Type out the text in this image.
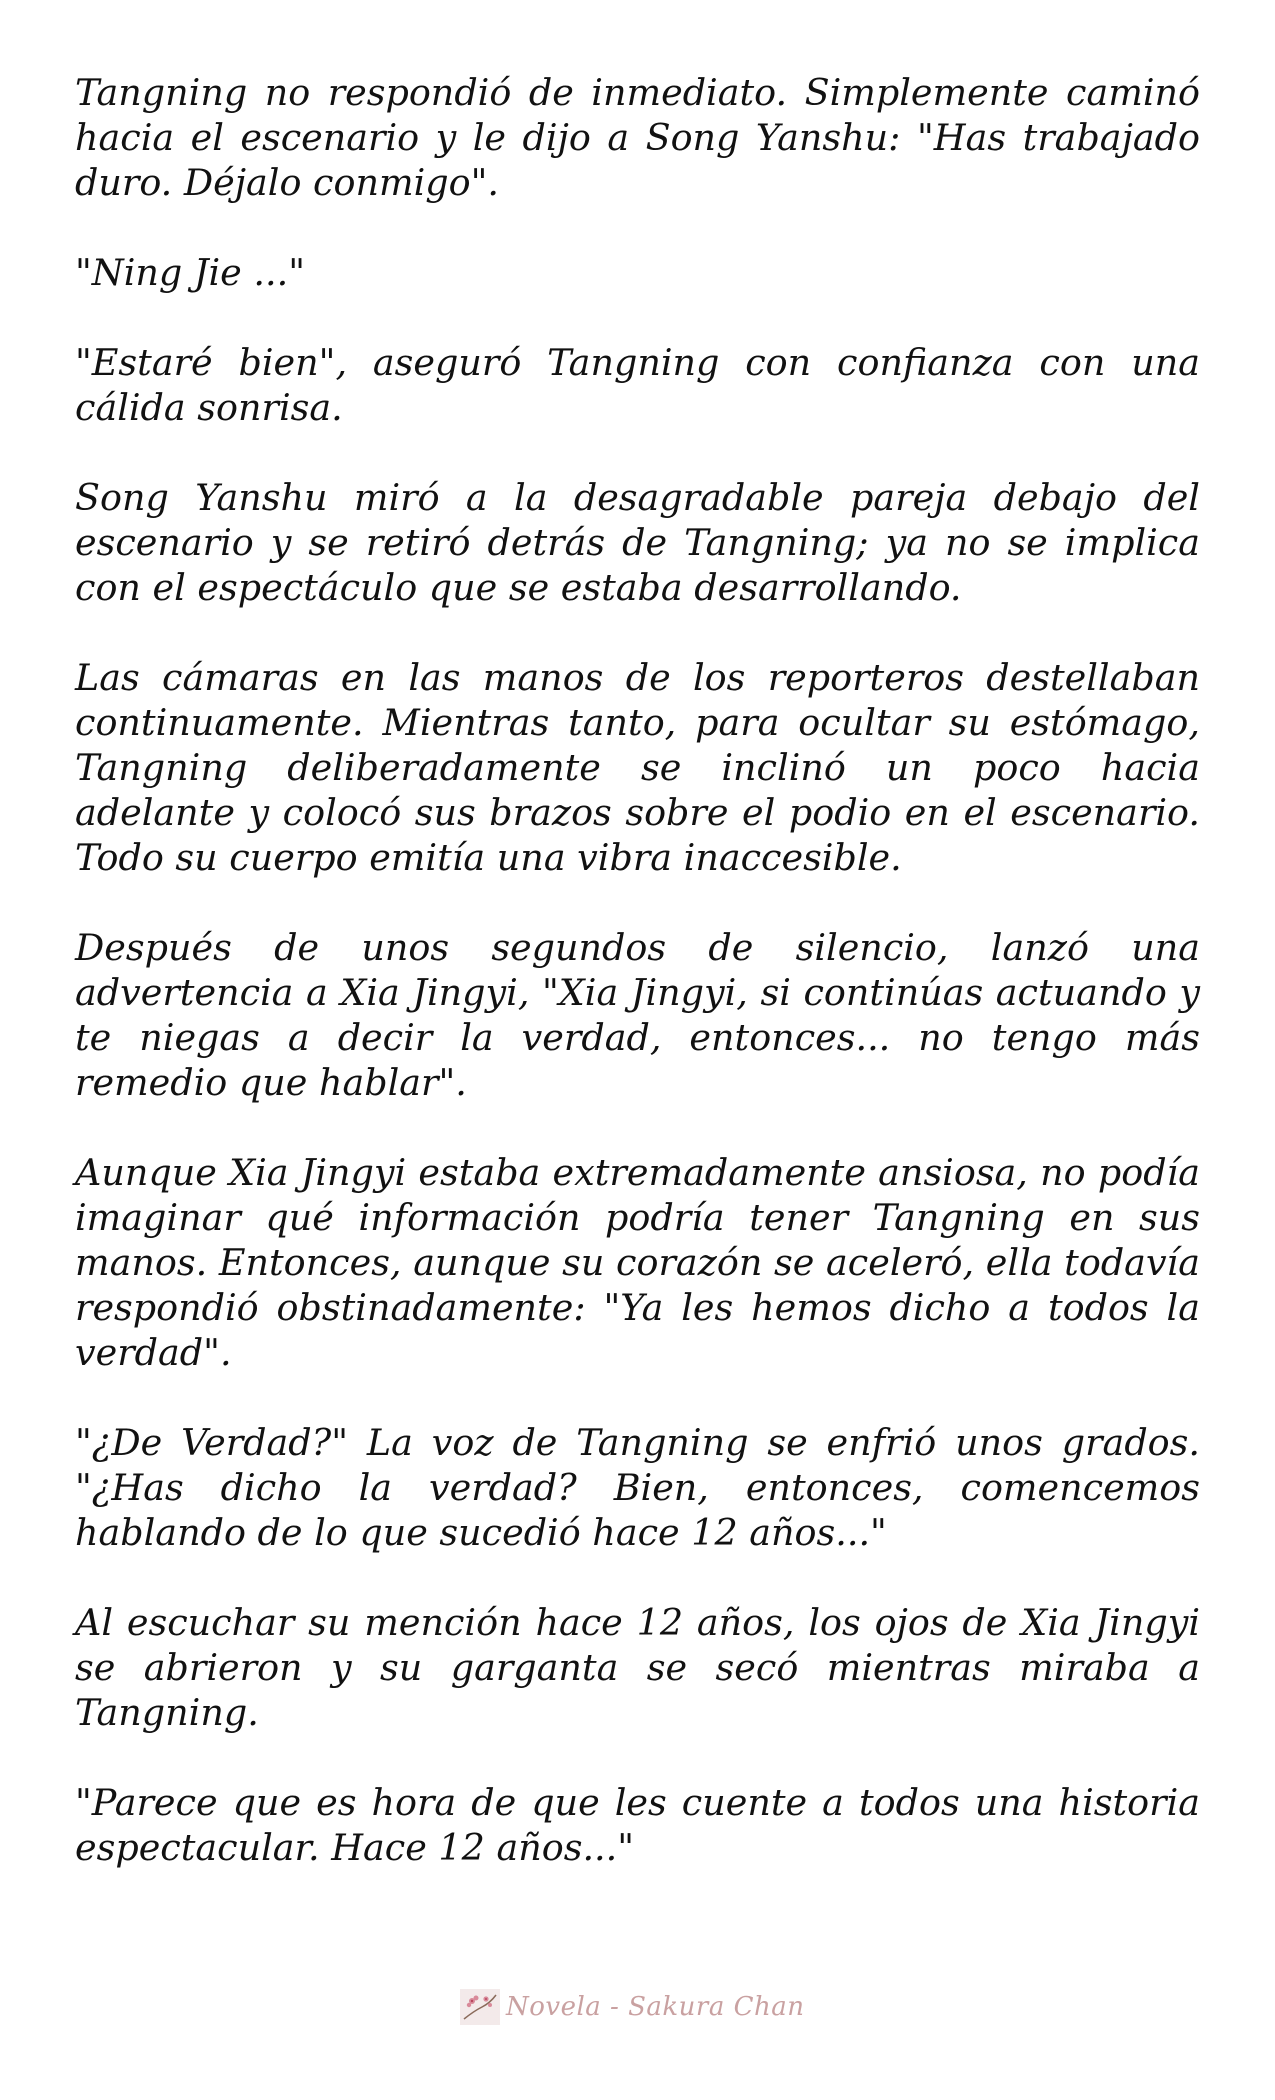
Tangning no respondió de inmediato. Simplemente caminó hacia el escenario y le dijo a Song Yanshu: "Has trabajado duro. Déjalo conmigo".

"Ning Jie ..."

"Estaré bien", aseguró Tangning con confianza con una cálida sonrisa.

Song Yanshu miró a la desagradable pareja debajo del escenario y se retiró detrás de Tangning; ya no se implica con el espectáculo que se estaba desarrollando.

Las cámaras en las manos de los reporteros destellaban continuamente. Mientras tanto, para ocultar su estómago, Tangning deliberadamente se inclinó un poco hacia adelante y colocó sus brazos sobre el podio en el escenario. Todo su cuerpo emitía una vibra inaccesible.

Después de unos segundos de silencio, lanzó una advertencia a Xia Jingyi, "Xia Jingyi, si continúas actuando y te niegas a decir la verdad, entonces... no tengo más remedio que hablar".

Aunque Xia Jingyi estaba extremadamente ansiosa, no podía imaginar qué información podría tener Tangning en sus manos. Entonces, aunque su corazón se aceleró, ella todavía respondió obstinadamente: "Ya les hemos dicho a todos la verdad".

"¿De Verdad?" La voz de Tangning se enfrió unos grados. "¿Has dicho la verdad? Bien, entonces, comencemos hablando de lo que sucedió hace 12 años..."

Al escuchar su mención hace 12 años, los ojos de Xia Jingyi se abrieron y su garganta se secó mientras miraba a Tangning.

"Parece que es hora de que les cuente a todos una historia espectacular. Hace 12 años..."

Novela - Sakura Chan
